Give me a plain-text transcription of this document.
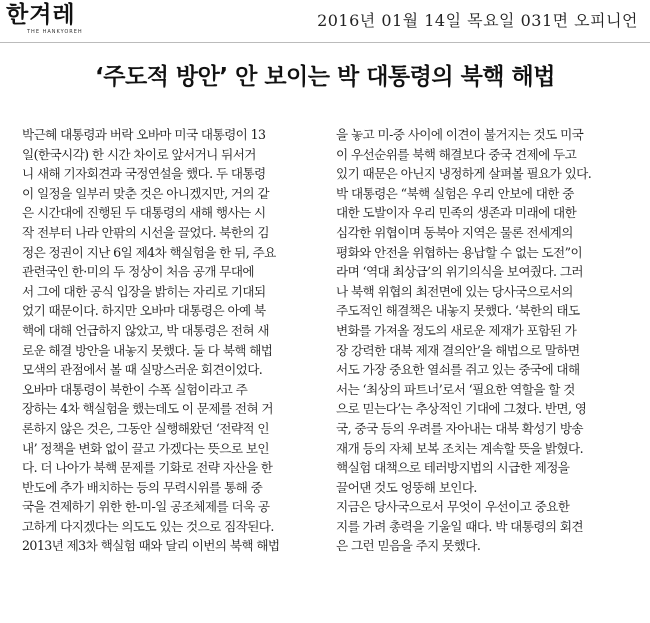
한겨레
THE HANKYOREH
2016년 01월 14일 목요일 031면 오피니언
‘주도적 방안’ 안 보이는 박 대통령의 북핵 해법
박근혜 대통령과 버락 오바마 미국 대통령이 13
일(한국시각) 한 시간 차이로 앞서거니 뒤서거
니 새해 기자회견과 국정연설을 했다. 두 대통령
이 일정을 일부러 맞춘 것은 아니겠지만, 거의 같
은 시간대에 진행된 두 대통령의 새해 행사는 시
작 전부터 나라 안팎의 시선을 끌었다. 북한의 김
정은 정권이 지난 6일 제4차 핵실험을 한 뒤, 주요
관련국인 한·미의 두 정상이 처음 공개 무대에
서 그에 대한 공식 입장을 밝히는 자리로 기대되
었기 때문이다. 하지만 오바마 대통령은 아예 북
핵에 대해 언급하지 않았고, 박 대통령은 전혀 새
로운 해결 방안을 내놓지 못했다. 둘 다 북핵 해법
모색의 관점에서 볼 때 실망스러운 회견이었다.
오바마 대통령이 북한이 수폭 실험이라고 주
장하는 4차 핵실험을 했는데도 이 문제를 전혀 거
론하지 않은 것은, 그동안 실행해왔던 ‘전략적 인
내’ 정책을 변화 없이 끌고 가겠다는 뜻으로 보인
다. 더 나아가 북핵 문제를 기화로 전략 자산을 한
반도에 추가 배치하는 등의 무력시위를 통해 중
국을 견제하기 위한 한-미-일 공조체제를 더욱 공
고하게 다지겠다는 의도도 있는 것으로 짐작된다.
2013년 제3차 핵실험 때와 달리 이번의 북핵 해법
을 놓고 미-중 사이에 이견이 불거지는 것도 미국
이 우선순위를 북핵 해결보다 중국 견제에 두고
있기 때문은 아닌지 냉정하게 살펴볼 필요가 있다.
박 대통령은 “북핵 실험은 우리 안보에 대한 중
대한 도발이자 우리 민족의 생존과 미래에 대한
심각한 위협이며 동북아 지역은 물론 전세계의
평화와 안전을 위협하는 용납할 수 없는 도전”이
라며 ‘역대 최상급’의 위기의식을 보여줬다. 그러
나 북핵 위협의 최전면에 있는 당사국으로서의
주도적인 해결책은 내놓지 못했다. ‘북한의 태도
변화를 가져올 정도의 새로운 제재가 포함된 가
장 강력한 대북 제재 결의안’을 해법으로 말하면
서도 가장 중요한 열쇠를 쥐고 있는 중국에 대해
서는 ‘최상의 파트너’로서 ‘필요한 역할을 할 것
으로 믿는다’는 추상적인 기대에 그쳤다. 반면, 영
국, 중국 등의 우려를 자아내는 대북 확성기 방송
재개 등의 자체 보복 조치는 계속할 뜻을 밝혔다.
핵실험 대책으로 테러방지법의 시급한 제정을
끌어댄 것도 엉뚱해 보인다.
지금은 당사국으로서 무엇이 우선이고 중요한
지를 가려 총력을 기울일 때다. 박 대통령의 회견
은 그런 믿음을 주지 못했다.
